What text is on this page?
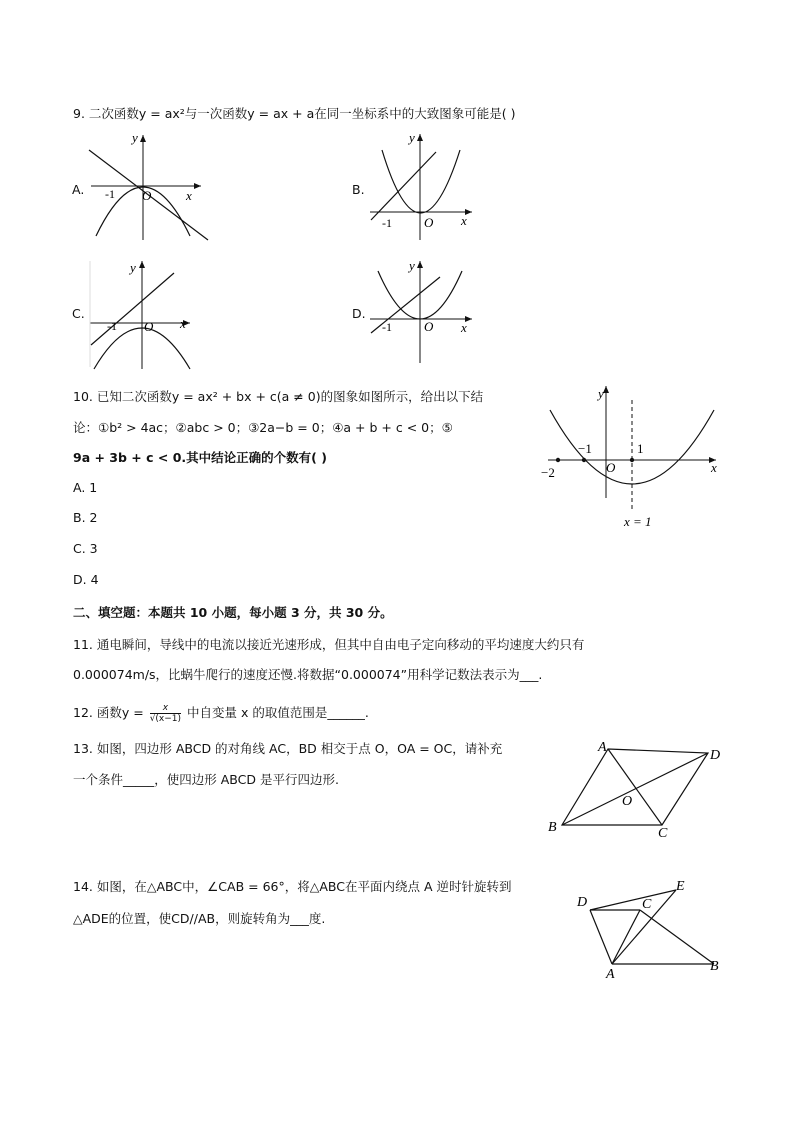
9. 二次函数y = ax²与一次函数y = ax + a在同一坐标系中的大致图象可能是( )
A.
y
x
O
-1	B.
y
x
O
-1
C.
y
x
O
-1
D.
y
x
O
-1
10. 已知二次函数y = ax² + bx + c(a ≠ 0)的图象如图所示，给出以下结
论：①b² > 4ac；②abc > 0；③2a−b = 0；④a + b + c < 0；⑤
9a + 3b + c < 0.其中结论正确的个数有( )
A. 1
B. 2
C. 3
D. 4
y
x
O
−2
−1	1
x = 1
二、填空题：本题共 10 小题，每小题 3 分，共 30 分。
11. 通电瞬间，导线中的电流以接近光速形成，但其中自由电子定向移动的平均速度大约只有
0.000074m/s，比蜗牛爬行的速度还慢.将数据“0.000074”用科学记数法表示为___.
12. 函数$y = \frac{x}{√(x-1)}$ 中自变量 x 的取值范围是______.
13. 如图，四边形 ABCD 的对角线 AC，BD 相交于点 O，OA = OC，请补充
一个条件_____，使四边形 ABCD 是平行四边形.
A
D
C
B
O
14. 如图，在△ABC中，∠CAB = 66°，将△ABC在平面内绕点 A 逆时针旋转到
△ADE的位置，使CD//AB，则旋转角为___度.
D
E
C
A
B
